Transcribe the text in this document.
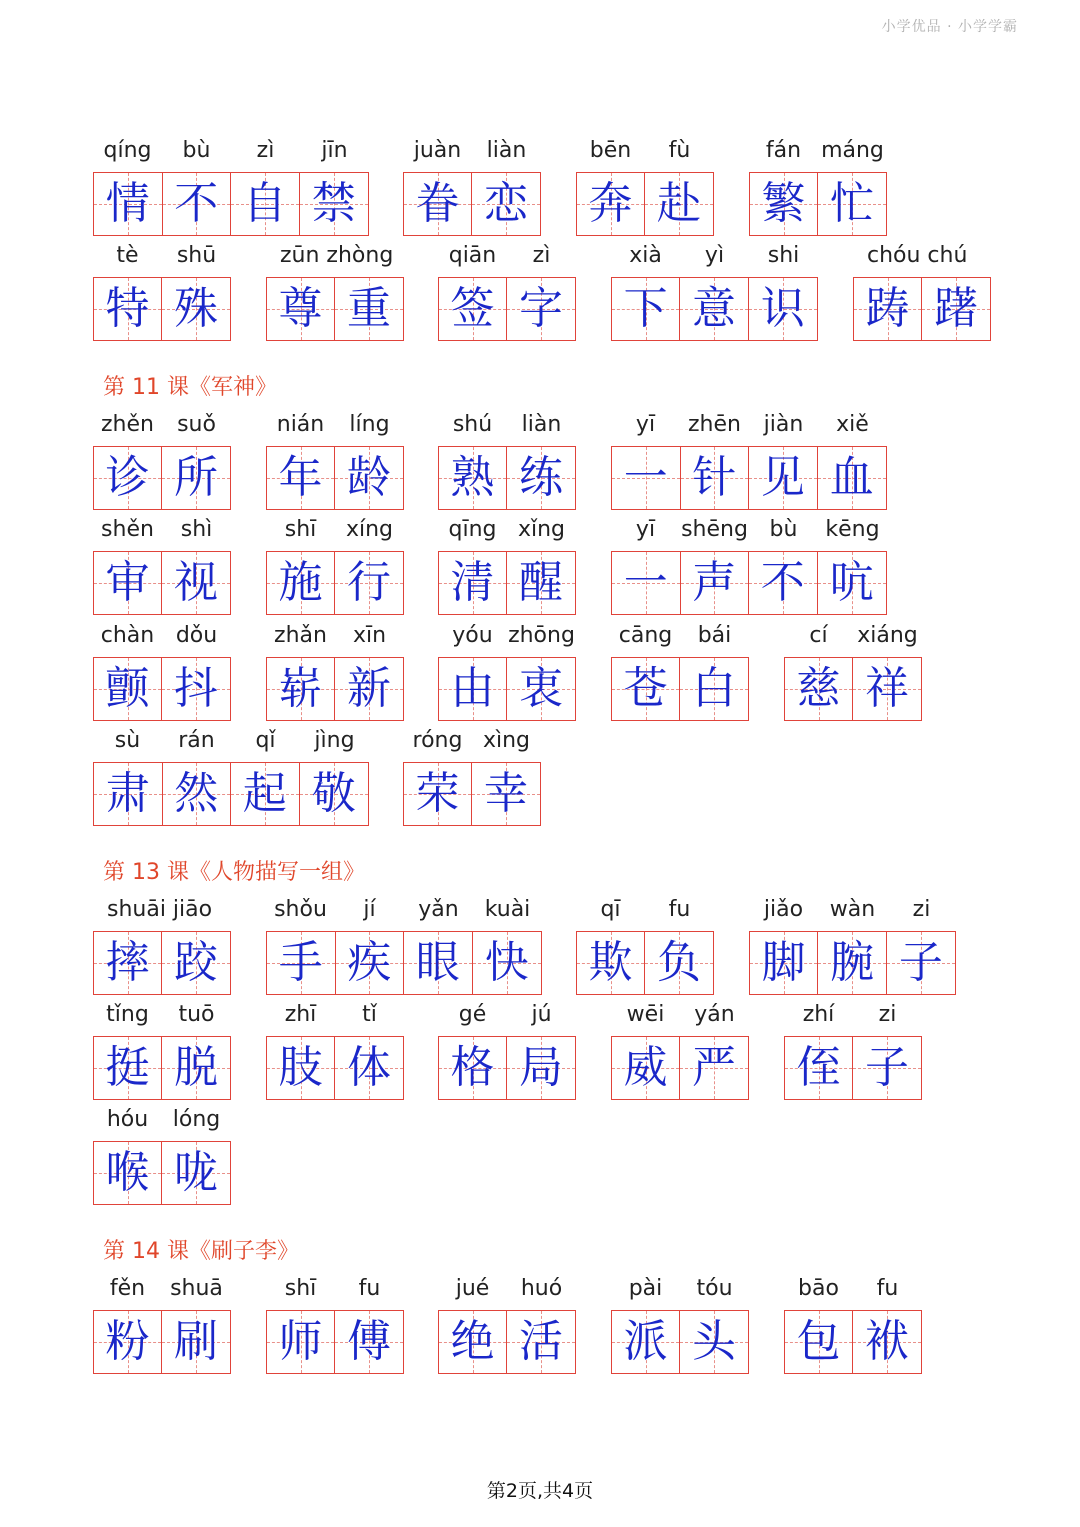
小学优品 · 小学学霸
qíng	bù	zì	jīn
情 不 自 禁
juàn	liàn
眷 恋
bēn	fù
奔 赴
fán máng
繁 忙
tè	shū
特 殊
zūn zhòng
尊 重
qiān	zì
签 字
xià	yì	shi
下 意 识
chóu chú
踌 躇
第 11 课《军神》
zhěn	suǒ
诊 所
nián	líng
年 龄
shú	liàn
熟 练
yī	zhēn	jiàn	xiě
一 针 见 血
shěn	shì
审 视
shī	xíng
施 行
qīng xǐng
清 醒
yī	shēng bù	kēng
一 声 不 吭
chàn dǒu
颤 抖
zhǎn	xīn
崭 新
yóu zhōng
由 衷
cāng	bái
苍 白
cí	xiáng
慈 祥
sù	rán	qǐ	jìng
肃 然 起 敬
róng xìng
荣 幸
第 13 课《人物描写一组》
shuāi jiāo
摔 跤
shǒu	jí	yǎn	kuài
手 疾 眼 快
qī	fu
欺 负
jiǎo	wàn	zi
脚 腕 子
tǐng	tuō
挺 脱
zhī	tǐ
肢 体
gé	jú
格 局
wēi	yán
威 严
zhí	zi
侄 子
hóu	lóng
喉 咙
第 14 课《刷子李》
fěn	shuā
粉 刷
shī	fu
师 傅
jué	huó
绝 活
pài	tóu
派 头
bāo	fu
包 袱
第2页,共4页
